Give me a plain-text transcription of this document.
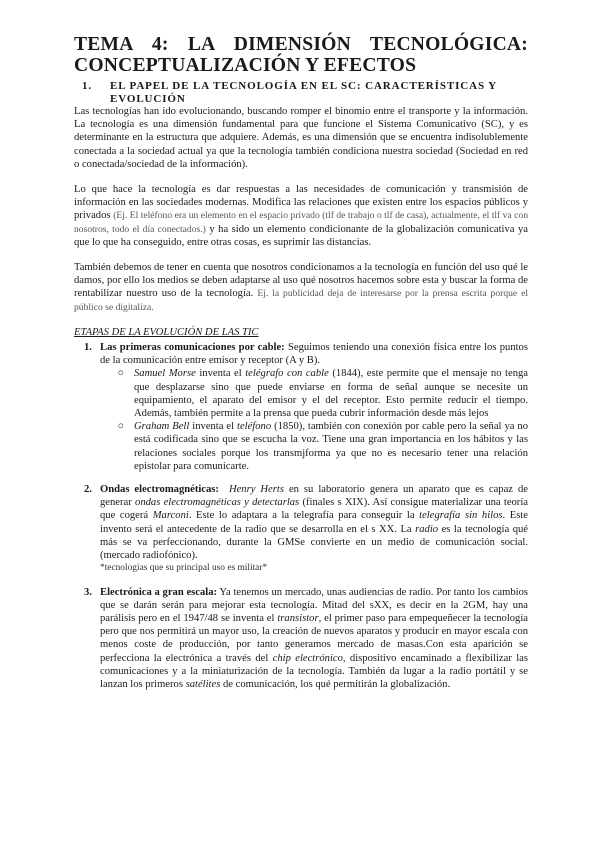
TEMA 4: LA DIMENSIÓN TECNOLÓGICA: CONCEPTUALIZACIÓN Y EFECTOS
1.	EL PAPEL DE LA TECNOLOGÍA EN EL SC: CARACTERÍSTICAS Y EVOLUCIÓN

Las tecnologías han ido evolucionando, buscando romper el binomio entre el transporte y la información. La tecnología es una dimensión fundamental para que funcione el Sistema Comunicativo (SC), y es determinante en la estructura que adquiere. Además, es una dimensión que se encuentra indisolublemente conectada a la sociedad actual ya que la tecnología también condiciona nuestra sociedad (Sociedad en red o conectada/sociedad de la información).

Lo que hace la tecnología es dar respuestas a las necesidades de comunicación y transmisión de información en las sociedades modernas. Modifica las relaciones que existen entre los espacios públicos y privados (Ej. El teléfono era un elemento en el espacio privado (tlf de trabajo o tlf de casa), actualmente, el tlf va con nosotros, todo el día conectados.) y ha sido un elemento condicionante de la globalización comunicativa ya que lo que ha conseguido, entre otras cosas, es suprimir las distancias.

También debemos de tener en cuenta que nosotros condicionamos a la tecnología en función del uso qué le damos, por ello los medios se deben adaptarse al uso qué nosotros hacemos sobre esta y buscar la forma de rentabilizar nuestro uso de la tecnología. Ej. la publicidad deja de interesarse por la prensa escrita porque el público se digitaliza.

ETAPAS DE LA EVOLUCIÓN DE LAS TIC
1. Las primeras comunicaciones por cable: Seguimos teniendo una conexión física entre los puntos de la comunicación entre emisor y receptor (A y B).

○ Samuel Morse inventa el telégrafo con cable (1844), este permite que el mensaje no tenga que desplazarse sino que puede enviarse en forma de señal aunque se necesite un equipamiento, el aparato del emisor y el del receptor. Esto permite reducir el tiempo. Además, también permite a la prensa que pueda cubrir información desde más lejos
○ Graham Bell inventa el teléfono (1850), también con conexión por cable pero la señal ya no está codificada sino que se escucha la voz. Tiene una gran importancia en los hábitos y las relaciones sociales porque los transmjforma ya que no es necesario tener una relación epistolar para comunicarte.
2. Ondas electromagnéticas: Henry Herts en su laboratorio genera un aparato que es capaz de generar ondas electromagnéticas y detectarlas (finales s XIX). Así consigue materializar una teoría que cogerá Marconi. Este lo adaptara a la telegrafía para conseguir la telegrafía sin hilos. Este invento será el antecedente de la radio que se desarrolla en el s XX. La radio es la tecnología qué más se va perfeccionando, durante la GMSe convierte en un medio de comunicación social. (mercado radiofónico).

*tecnologías que su principal uso es militar*
3. Electrónica a gran escala: Ya tenemos un mercado, unas audiencias de radio. Por tanto los cambios que se darán serán para mejorar esta tecnología. Mitad del sXX, es decir en la 2GM, hay una parálisis pero en el 1947/48 se inventa el transistor, el primer paso para empequeñecer la tecnología pero que nos permitirá un mayor uso, la creación de nuevos aparatos y producir en mayor escala con menos coste de producción, por tanto generamos mercado de masas.Con esta aparición se perfecciona la electrónica a través del chip electrónico, dispositivo encaminado a flexibilizar las comunicaciones y a la miniaturización de la tecnología. También da lugar a la radio portátil y se lanzan los primeros satélites de comunicación, los qué permitirán la globalización.
